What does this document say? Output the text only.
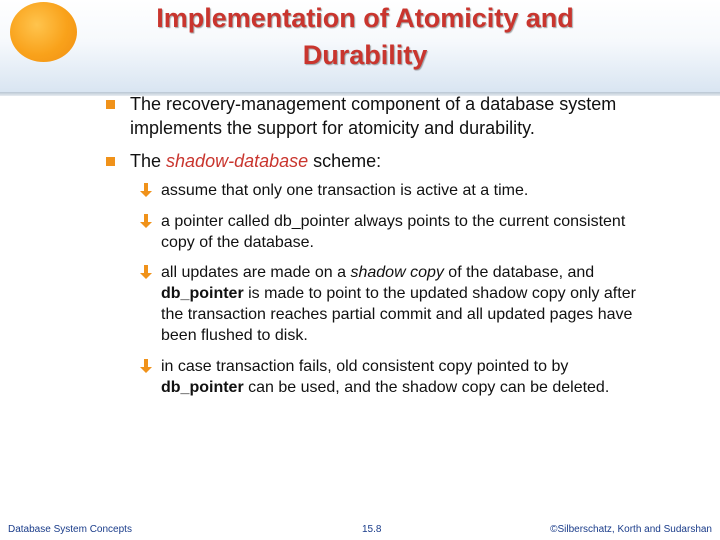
Implementation of Atomicity and
Durability
The recovery-management component of a database system implements the support for atomicity and durability.
The shadow-database scheme:
assume that only one transaction is active at a time.
a pointer called db_pointer always points to the current consistent copy of the database.
all updates are made on a shadow copy of the database, and db_pointer is made to point to the updated shadow copy only after the transaction reaches partial commit and all updated pages have been flushed to disk.
in case transaction fails, old consistent copy pointed to by db_pointer can be used, and the shadow copy can be deleted.
Database System Concepts	15.8	©Silberschatz, Korth and Sudarshan
